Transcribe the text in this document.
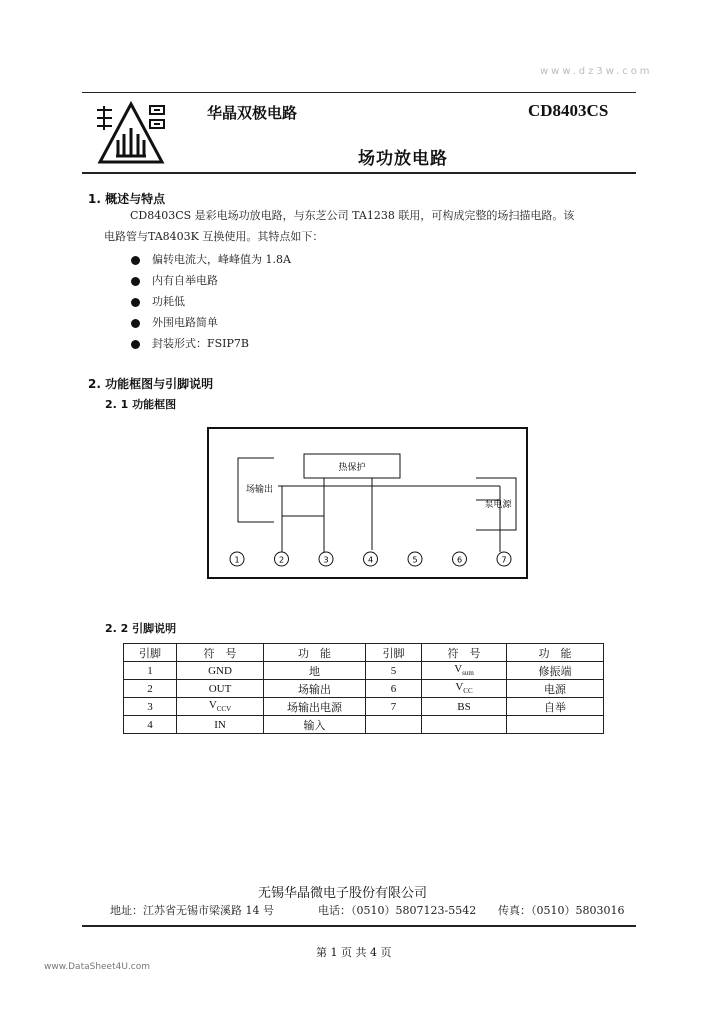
www.dz3w.com
华晶双极电路	CD8403CS
场功放电路
1. 概述与特点
CD8403CS 是彩电场功放电路，与东芝公司 TA1238 联用，可构成完整的场扫描电路。该
电路管与TA8403K 互换使用。其特点如下：
偏转电流大，峰峰值为 1.8A
内有自举电路
功耗低
外围电路简单
封装形式：FSIP7B
2. 功能框图与引脚说明
2. 1 功能框图
热保护
场输出
泵电源
1	2	3	4	5	6	7
2. 2 引脚说明
引脚	符　号	功　能	引脚	符　号	功　能
1	GND	地	5	$V_{sum}$	修振端
2	OUT	场输出	6	$V_{CC}$	电源
3	$V_{CCV}$	场输出电源	7	BS	自举
4	IN	输入			
无锡华晶微电子股份有限公司
地址：江苏省无锡市梁溪路 14 号	电话：（0510）5807123-5542 传真：（0510）5803016
第 1 页 共 4 页
www.DataSheet4U.com
